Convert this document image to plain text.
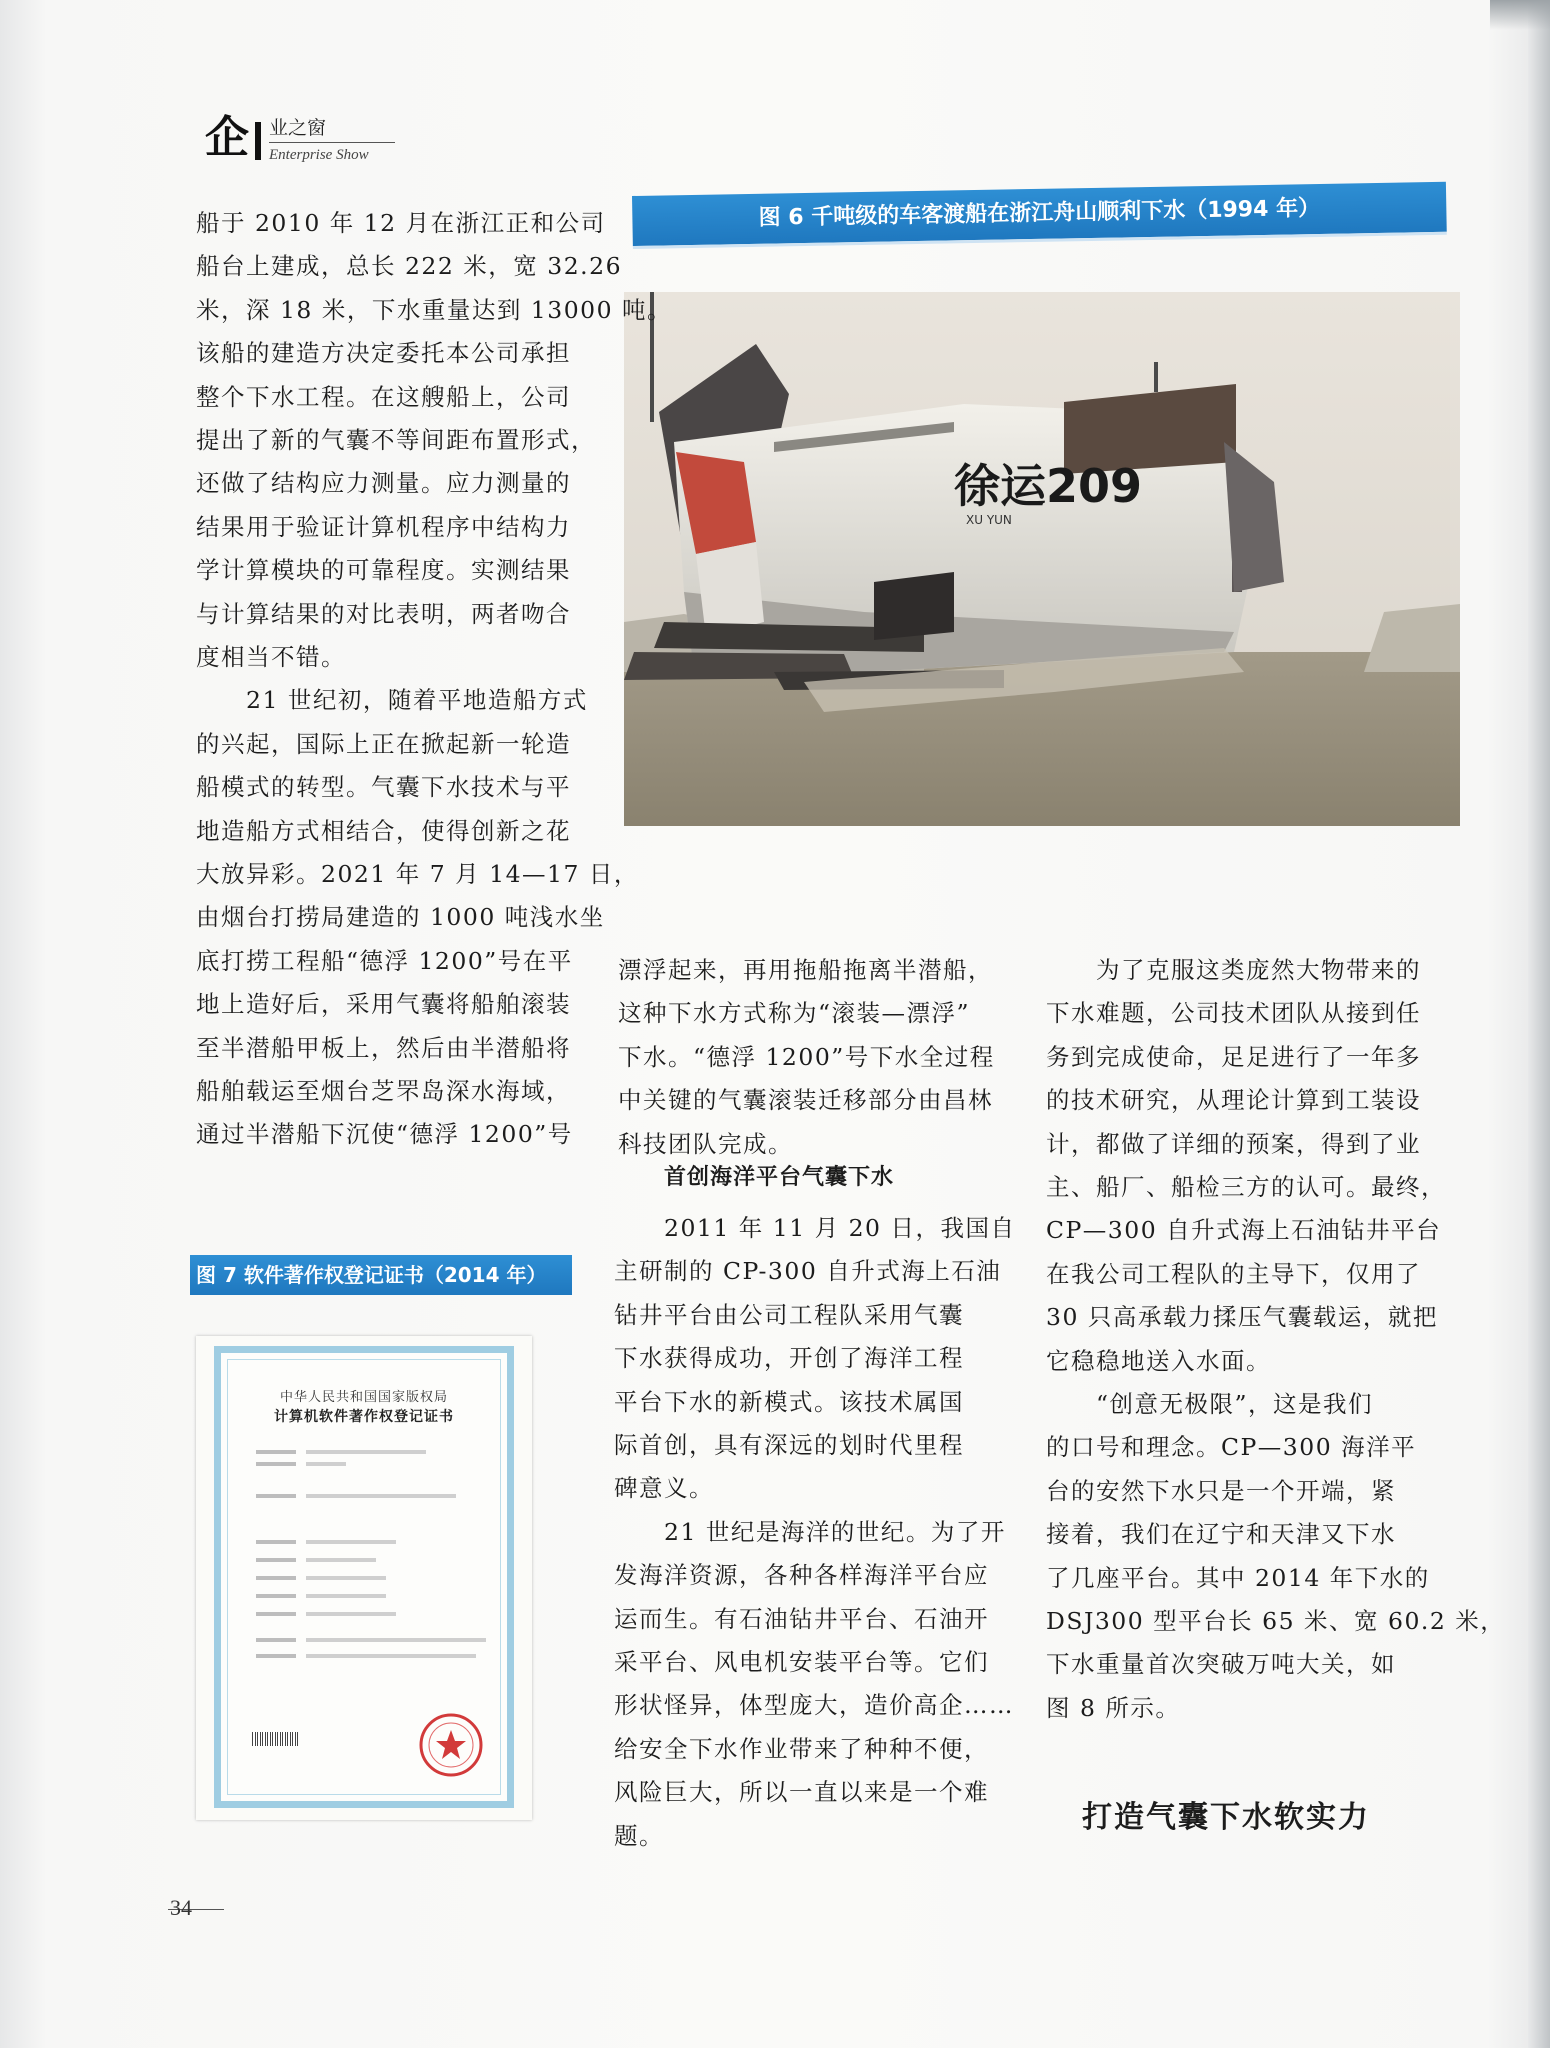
企 业之窗
Enterprise Show
图 6 千吨级的车客渡船在浙江舟山顺利下水（1994 年）
徐运209
XU YUN
船于 2010 年 12 月在浙江正和公司
船台上建成，总长 222 米，宽 32.26
米，深 18 米，下水重量达到 13000 吨。
该船的建造方决定委托本公司承担
整个下水工程。在这艘船上，公司
提出了新的气囊不等间距布置形式，
还做了结构应力测量。应力测量的
结果用于验证计算机程序中结构力
学计算模块的可靠程度。实测结果
与计算结果的对比表明，两者吻合
度相当不错。
　　21 世纪初，随着平地造船方式
的兴起，国际上正在掀起新一轮造
船模式的转型。气囊下水技术与平
地造船方式相结合，使得创新之花
大放异彩。2021 年 7 月 14—17 日，
由烟台打捞局建造的 1000 吨浅水坐
底打捞工程船“德浮 1200”号在平
地上造好后，采用气囊将船舶滚装
至半潜船甲板上，然后由半潜船将
船舶载运至烟台芝罘岛深水海域，
通过半潜船下沉使“德浮 1200”号
漂浮起来，再用拖船拖离半潜船，
这种下水方式称为“滚装—漂浮”
下水。“德浮 1200”号下水全过程
中关键的气囊滚装迁移部分由昌林
科技团队完成。
首创海洋平台气囊下水
　　2011 年 11 月 20 日，我国自
主研制的 CP-300 自升式海上石油
钻井平台由公司工程队采用气囊
下水获得成功，开创了海洋工程
平台下水的新模式。该技术属国
际首创，具有深远的划时代里程
碑意义。
　　21 世纪是海洋的世纪。为了开
发海洋资源，各种各样海洋平台应
运而生。有石油钻井平台、石油开
采平台、风电机安装平台等。它们
形状怪异，体型庞大，造价高企……
给安全下水作业带来了种种不便，
风险巨大，所以一直以来是一个难
题。
　　为了克服这类庞然大物带来的
下水难题，公司技术团队从接到任
务到完成使命，足足进行了一年多
的技术研究，从理论计算到工装设
计，都做了详细的预案，得到了业
主、船厂、船检三方的认可。最终，
CP—300 自升式海上石油钻井平台
在我公司工程队的主导下，仅用了
30 只高承载力揉压气囊载运，就把
它稳稳地送入水面。
　　“创意无极限”，这是我们
的口号和理念。CP—300 海洋平
台的安然下水只是一个开端，紧
接着，我们在辽宁和天津又下水
了几座平台。其中 2014 年下水的
DSJ300 型平台长 65 米、宽 60.2 米，
下水重量首次突破万吨大关，如
图 8 所示。
打造气囊下水软实力
图 7 软件著作权登记证书（2014 年）
中华人民共和国国家版权局
计算机软件著作权登记证书
34
